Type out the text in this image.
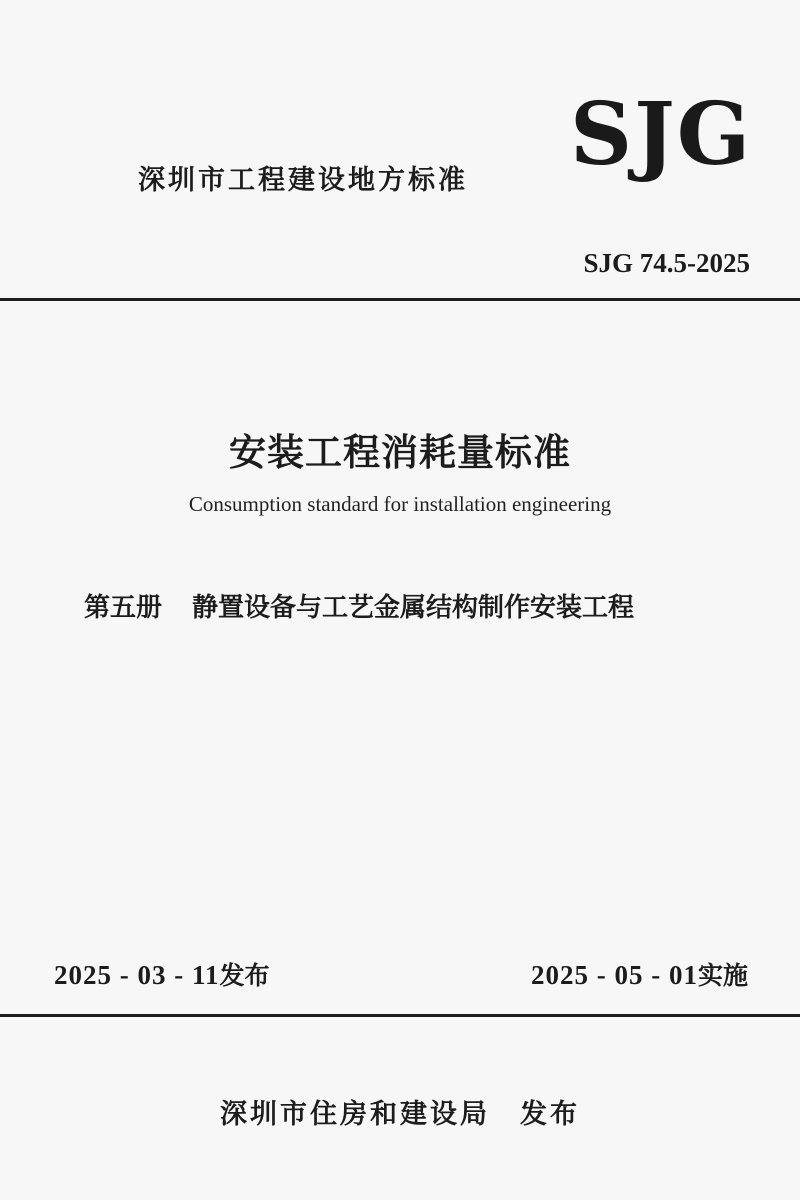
深圳市工程建设地方标准 SJG
SJG 74.5-2025
安装工程消耗量标准
Consumption standard for installation engineering
第五册 静置设备与工艺金属结构制作安装工程
2025 - 03 - 11发布	2025 - 05 - 01实施
深圳市住房和建设局 发布
